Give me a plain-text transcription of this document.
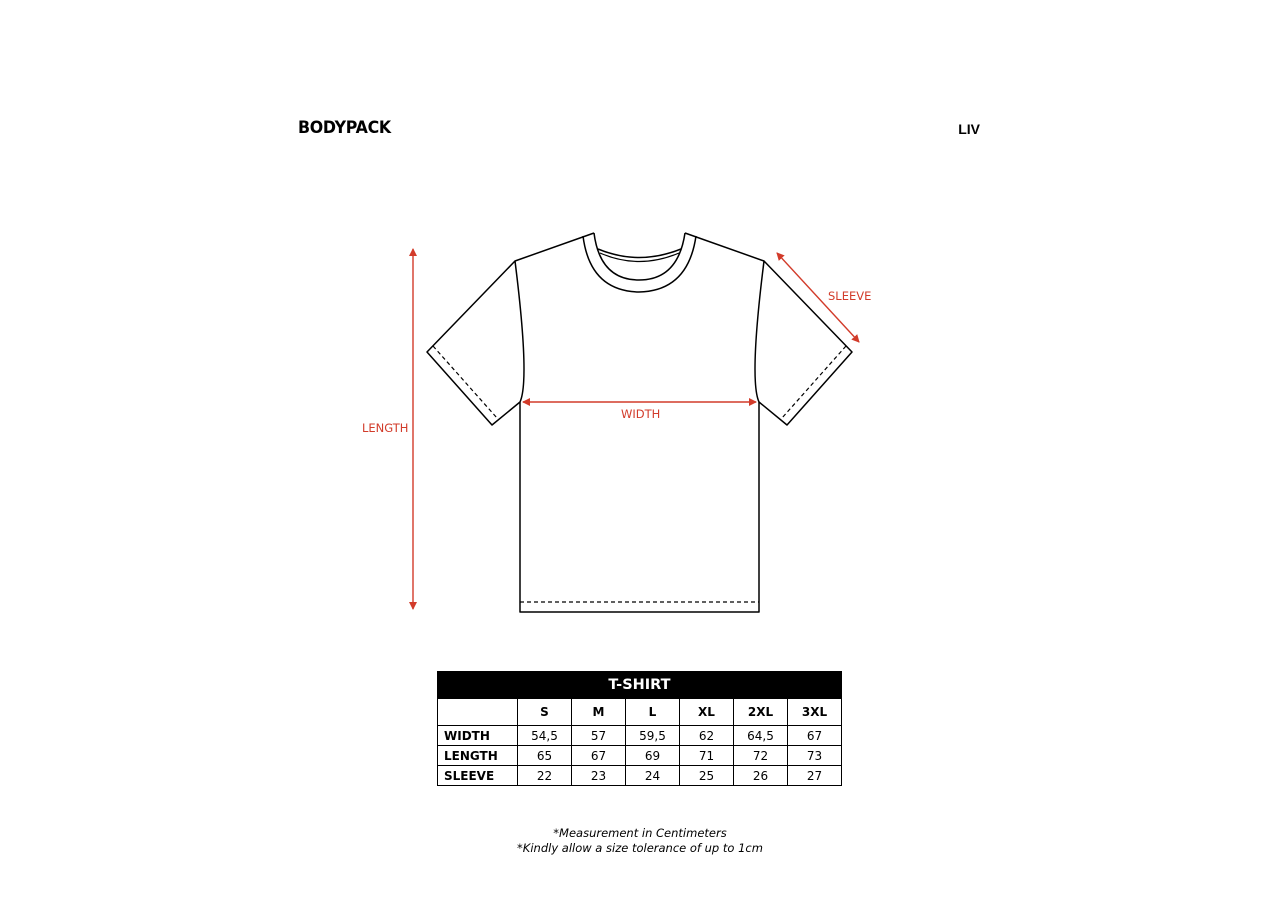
BODYPACK	LIV
LENGTH
WIDTH
SLEEVE
T-SHIRT						
	S	M	L	XL	2XL	3XL
WIDTH	54,5	57	59,5	62	64,5	67
LENGTH	65	67	69	71	72	73
SLEEVE	22	23	24	25	26	27
*Measurement in Centimeters
*Kindly allow a size tolerance of up to 1cm
